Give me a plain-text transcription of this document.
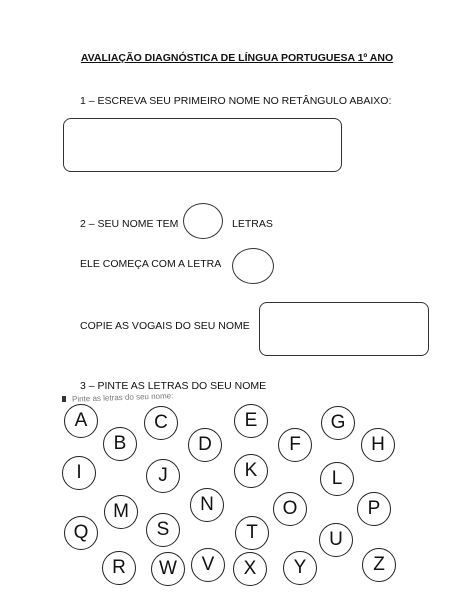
AVALIAÇÃO DIAGNÓSTICA DE LÍNGUA PORTUGUESA 1º ANO
1 – ESCREVA SEU PRIMEIRO NOME NO RETÂNGULO ABAIXO:
2 – SEU NOME TEM	LETRAS
ELE COMEÇA COM A LETRA
COPIE AS VOGAIS DO SEU NOME
3 – PINTE AS LETRAS DO SEU NOME
Pinte as letras do seu nome:
A
B
C
D
E
F
G
H
I	J	K	L
M	N	O	P
Q
R
S	T	U
V
W	X	Y	Z
